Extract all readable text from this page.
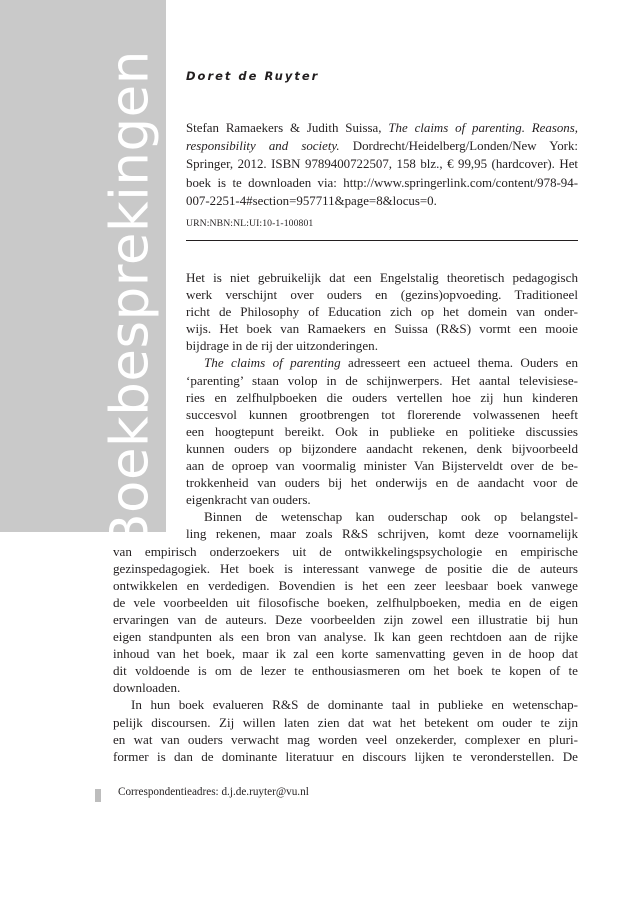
Boekbesprekingen Doret de Ruyter
Stefan Ramaekers & Judith Suissa, The claims of parenting. Reasons, responsibility and society. Dordrecht/Heidelberg/Londen/New York: Springer, 2012. ISBN 9789400722507, 158 blz., € 99,95 (hardcover). Het boek is te downloaden via: http://www.springerlink.com/content/978-94-007-2251-4#section=957711&page=8&locus=0.
URN:NBN:NL:UI:10-1-100801
Het is niet gebruikelijk dat een Engelstalig theoretisch pedagogisch
werk verschijnt over ouders en (gezins)opvoeding. Traditioneel
richt de Philosophy of Education zich op het domein van onder-
wijs. Het boek van Ramaekers en Suissa (R&S) vormt een mooie
bijdrage in de rij der uitzonderingen.
The claims of parenting adresseert een actueel thema. Ouders en
‘parenting’ staan volop in de schijnwerpers. Het aantal televisiese-
ries en zelfhulpboeken die ouders vertellen hoe zij hun kinderen
succesvol kunnen grootbrengen tot florerende volwassenen heeft
een hoogtepunt bereikt. Ook in publieke en politieke discussies
kunnen ouders op bijzondere aandacht rekenen, denk bijvoorbeeld
aan de oproep van voormalig minister Van Bijsterveldt over de be-
trokkenheid van ouders bij het onderwijs en de aandacht voor de
eigenkracht van ouders.
Binnen de wetenschap kan ouderschap ook op belangstel-
ling rekenen, maar zoals R&S schrijven, komt deze voornamelijk
van empirisch onderzoekers uit de ontwikkelingspsychologie en empirische
gezinspedagogiek. Het boek is interessant vanwege de positie die de auteurs
ontwikkelen en verdedigen. Bovendien is het een zeer leesbaar boek vanwege
de vele voorbeelden uit filosofische boeken, zelfhulpboeken, media en de eigen
ervaringen van de auteurs. Deze voorbeelden zijn zowel een illustratie bij hun
eigen standpunten als een bron van analyse. Ik kan geen rechtdoen aan de rijke
inhoud van het boek, maar ik zal een korte samenvatting geven in de hoop dat
dit voldoende is om de lezer te enthousiasmeren om het boek te kopen of te
downloaden.
In hun boek evalueren R&S de dominante taal in publieke en wetenschap-
pelijk discoursen. Zij willen laten zien dat wat het betekent om ouder te zijn
en wat van ouders verwacht mag worden veel onzekerder, complexer en pluri-
former is dan de dominante literatuur en discours lijken te veronderstellen. De
Correspondentieadres: d.j.de.ruyter@vu.nl
